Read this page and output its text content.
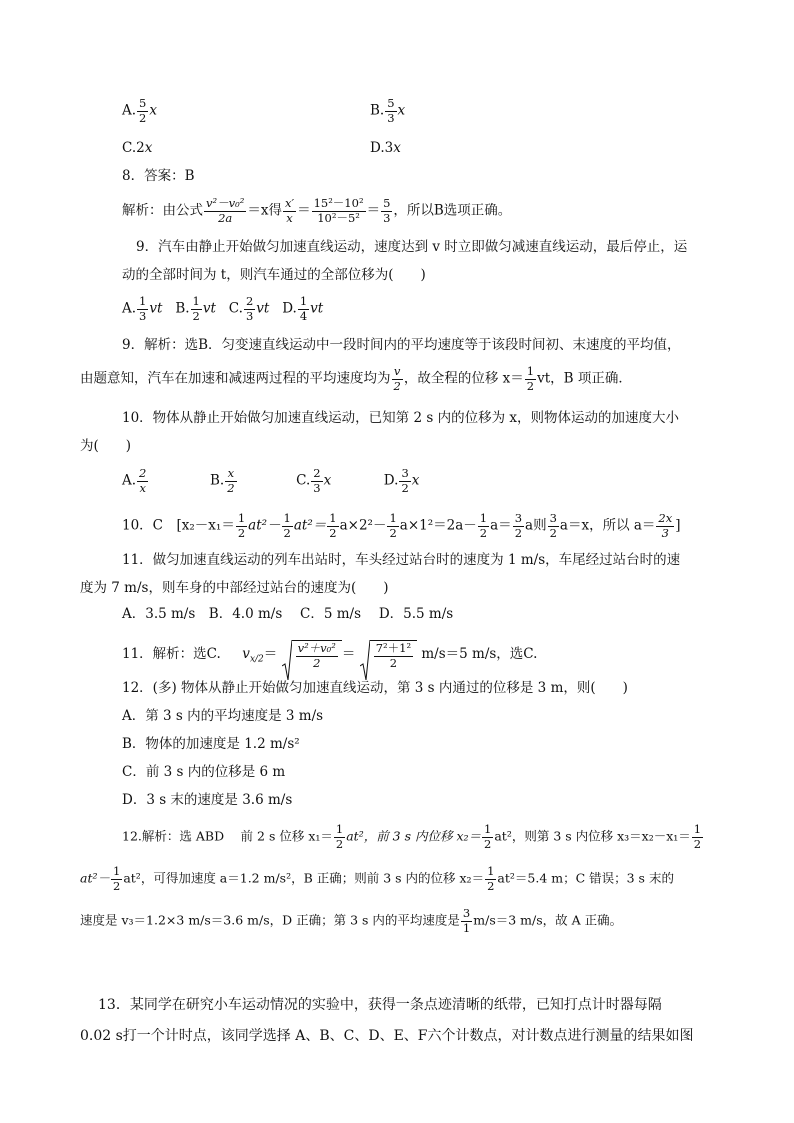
A. $\frac{5}{2}$ x	B. $\frac{5}{3}$ x
C.2x	D.3x
8．答案：B
解析：由公式 $\frac{\text{v²－v₀²}}{2a} =x$得 $\frac{x'}{x} = \frac{\text{15²－10²}}{\text{10²－5²}} = \frac{5}{3}$ ，所以B选项正确。
9．汽车由静止开始做匀加速直线运动，速度达到 v 时立即做匀减速直线运动，最后停止，运
动的全部时间为 t，则汽车通过的全部位移为(　　)
A. $\frac{1}{3}$ vt B. $\frac{1}{2}$ vt C. $\frac{2}{3}$ vt D. $\frac{1}{4}$ vt
9．解析：选B．匀变速直线运动中一段时间内的平均速度等于该段时间初、末速度的平均值，
由题意知，汽车在加速和减速两过程的平均速度均为 $\frac{v}{2}$ ，故全程的位移 $x= \frac{1}{2}$ vt，B 项正确．
10．物体从静止开始做匀加速直线运动，已知第 2 s 内的位移为 x，则物体运动的加速度大小
为(　　)
A. $\frac{2}{x}$	B. $\frac{x}{2}$	C. $\frac{2}{3}$ x	D. $\frac{3}{2}$ x
10．C　[$x_2-x_1= \frac{1}{2} at^2- \frac{1}{2} at^2= \frac{1}{2} a\times 2^2- \frac{1}{2} a\times 1^2=2a- \frac{1}{2} a= \frac{3}{2}$ a则 $\frac{3}{2} a=x$，所以 $a= \frac{2x}{3}$ ]
11．做匀加速直线运动的列车出站时，车头经过站台时的速度为 1 m/s，车尾经过站台时的速
度为 7 m/s，则车身的中部经过站台的速度为(　　)
A．3.5 m/s　B．4.0 m/s　 C．5 m/s　 D．5.5 m/s
11．解析：选C. $v_{x/2}= \frac{\text{v²＋v₀²}}{2} = \frac{\text{7²＋1²}}{2} m/s=5$ m/s，选C.
12．(多) 物体从静止开始做匀加速直线运动，第 3 s 内通过的位移是 3 m，则(　　)
A．第 3 s 内的平均速度是 3 m/s
B．物体的加速度是 1.2 m/s²
C．前 3 s 内的位移是 6 m
D．3 s 末的速度是 3.6 m/s
12.解析：选 ABD　 前 2 s 位移 $x_1= \frac{1}{2} at^2$，前 3 s 内位移 $x_2= \frac{1}{2} at^2$，则第 3 s 内位移 $x_3=x_2-x_1= \frac{1}{2}$
$at^2- \frac{1}{2} at^2$，可得加速度 a＝1.2 m/s²，B 正确；则前 3 s 内的位移 $x_2= \frac{1}{2} at^2=5.4$ m；C 错误；3 s 末的
速度是 v₃＝1.2×3 m/s＝3.6 m/s，D 正确；第 3 s 内的平均速度是 $\frac{3}{1} m/s=3$ m/s，故 A 正确。
13．某同学在研究小车运动情况的实验中，获得一条点迹清晰的纸带，已知打点计时器每隔
0.02 s打一个计时点，该同学选择 A、B、C、D、E、F六个计数点，对计数点进行测量的结果如图
